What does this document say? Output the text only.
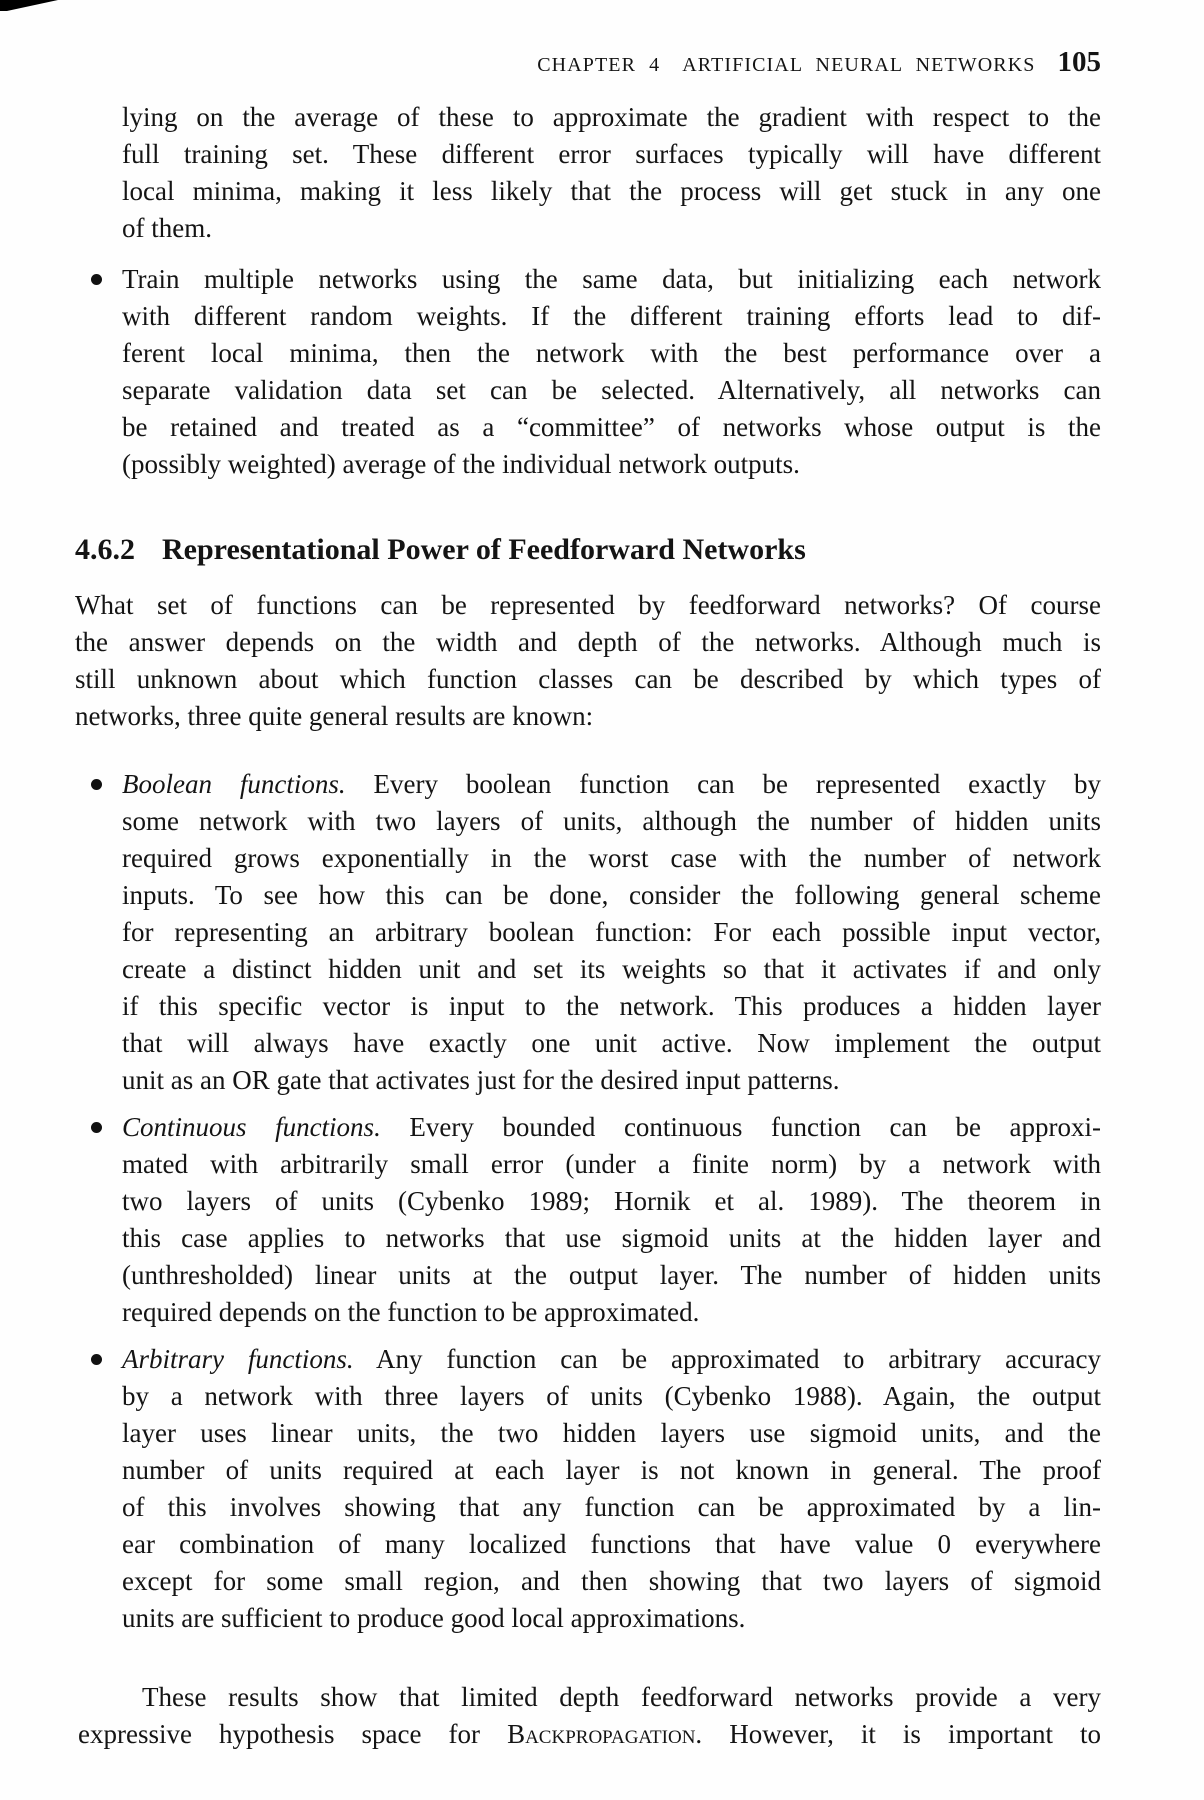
CHAPTER 4 ARTIFICIAL NEURAL NETWORKS 105
lying on the average of these to approximate the gradient with respect to the
full training set. These different error surfaces typically will have different
local minima, making it less likely that the process will get stuck in any one
of them.
Train multiple networks using the same data, but initializing each network
with different random weights. If the different training efforts lead to dif-
ferent local minima, then the network with the best performance over a
separate validation data set can be selected. Alternatively, all networks can
be retained and treated as a “committee” of networks whose output is the
(possibly weighted) average of the individual network outputs.
4.6.2 Representational Power of Feedforward Networks
What set of functions can be represented by feedforward networks? Of course
the answer depends on the width and depth of the networks. Although much is
still unknown about which function classes can be described by which types of
networks, three quite general results are known:
Boolean functions. Every boolean function can be represented exactly by
some network with two layers of units, although the number of hidden units
required grows exponentially in the worst case with the number of network
inputs. To see how this can be done, consider the following general scheme
for representing an arbitrary boolean function: For each possible input vector,
create a distinct hidden unit and set its weights so that it activates if and only
if this specific vector is input to the network. This produces a hidden layer
that will always have exactly one unit active. Now implement the output
unit as an OR gate that activates just for the desired input patterns.
Continuous functions. Every bounded continuous function can be approxi-
mated with arbitrarily small error (under a finite norm) by a network with
two layers of units (Cybenko 1989; Hornik et al. 1989). The theorem in
this case applies to networks that use sigmoid units at the hidden layer and
(unthresholded) linear units at the output layer. The number of hidden units
required depends on the function to be approximated.
Arbitrary functions. Any function can be approximated to arbitrary accuracy
by a network with three layers of units (Cybenko 1988). Again, the output
layer uses linear units, the two hidden layers use sigmoid units, and the
number of units required at each layer is not known in general. The proof
of this involves showing that any function can be approximated by a lin-
ear combination of many localized functions that have value 0 everywhere
except for some small region, and then showing that two layers of sigmoid
units are sufficient to produce good local approximations.
These results show that limited depth feedforward networks provide a very
expressive hypothesis space for Backpropagation. However, it is important to
